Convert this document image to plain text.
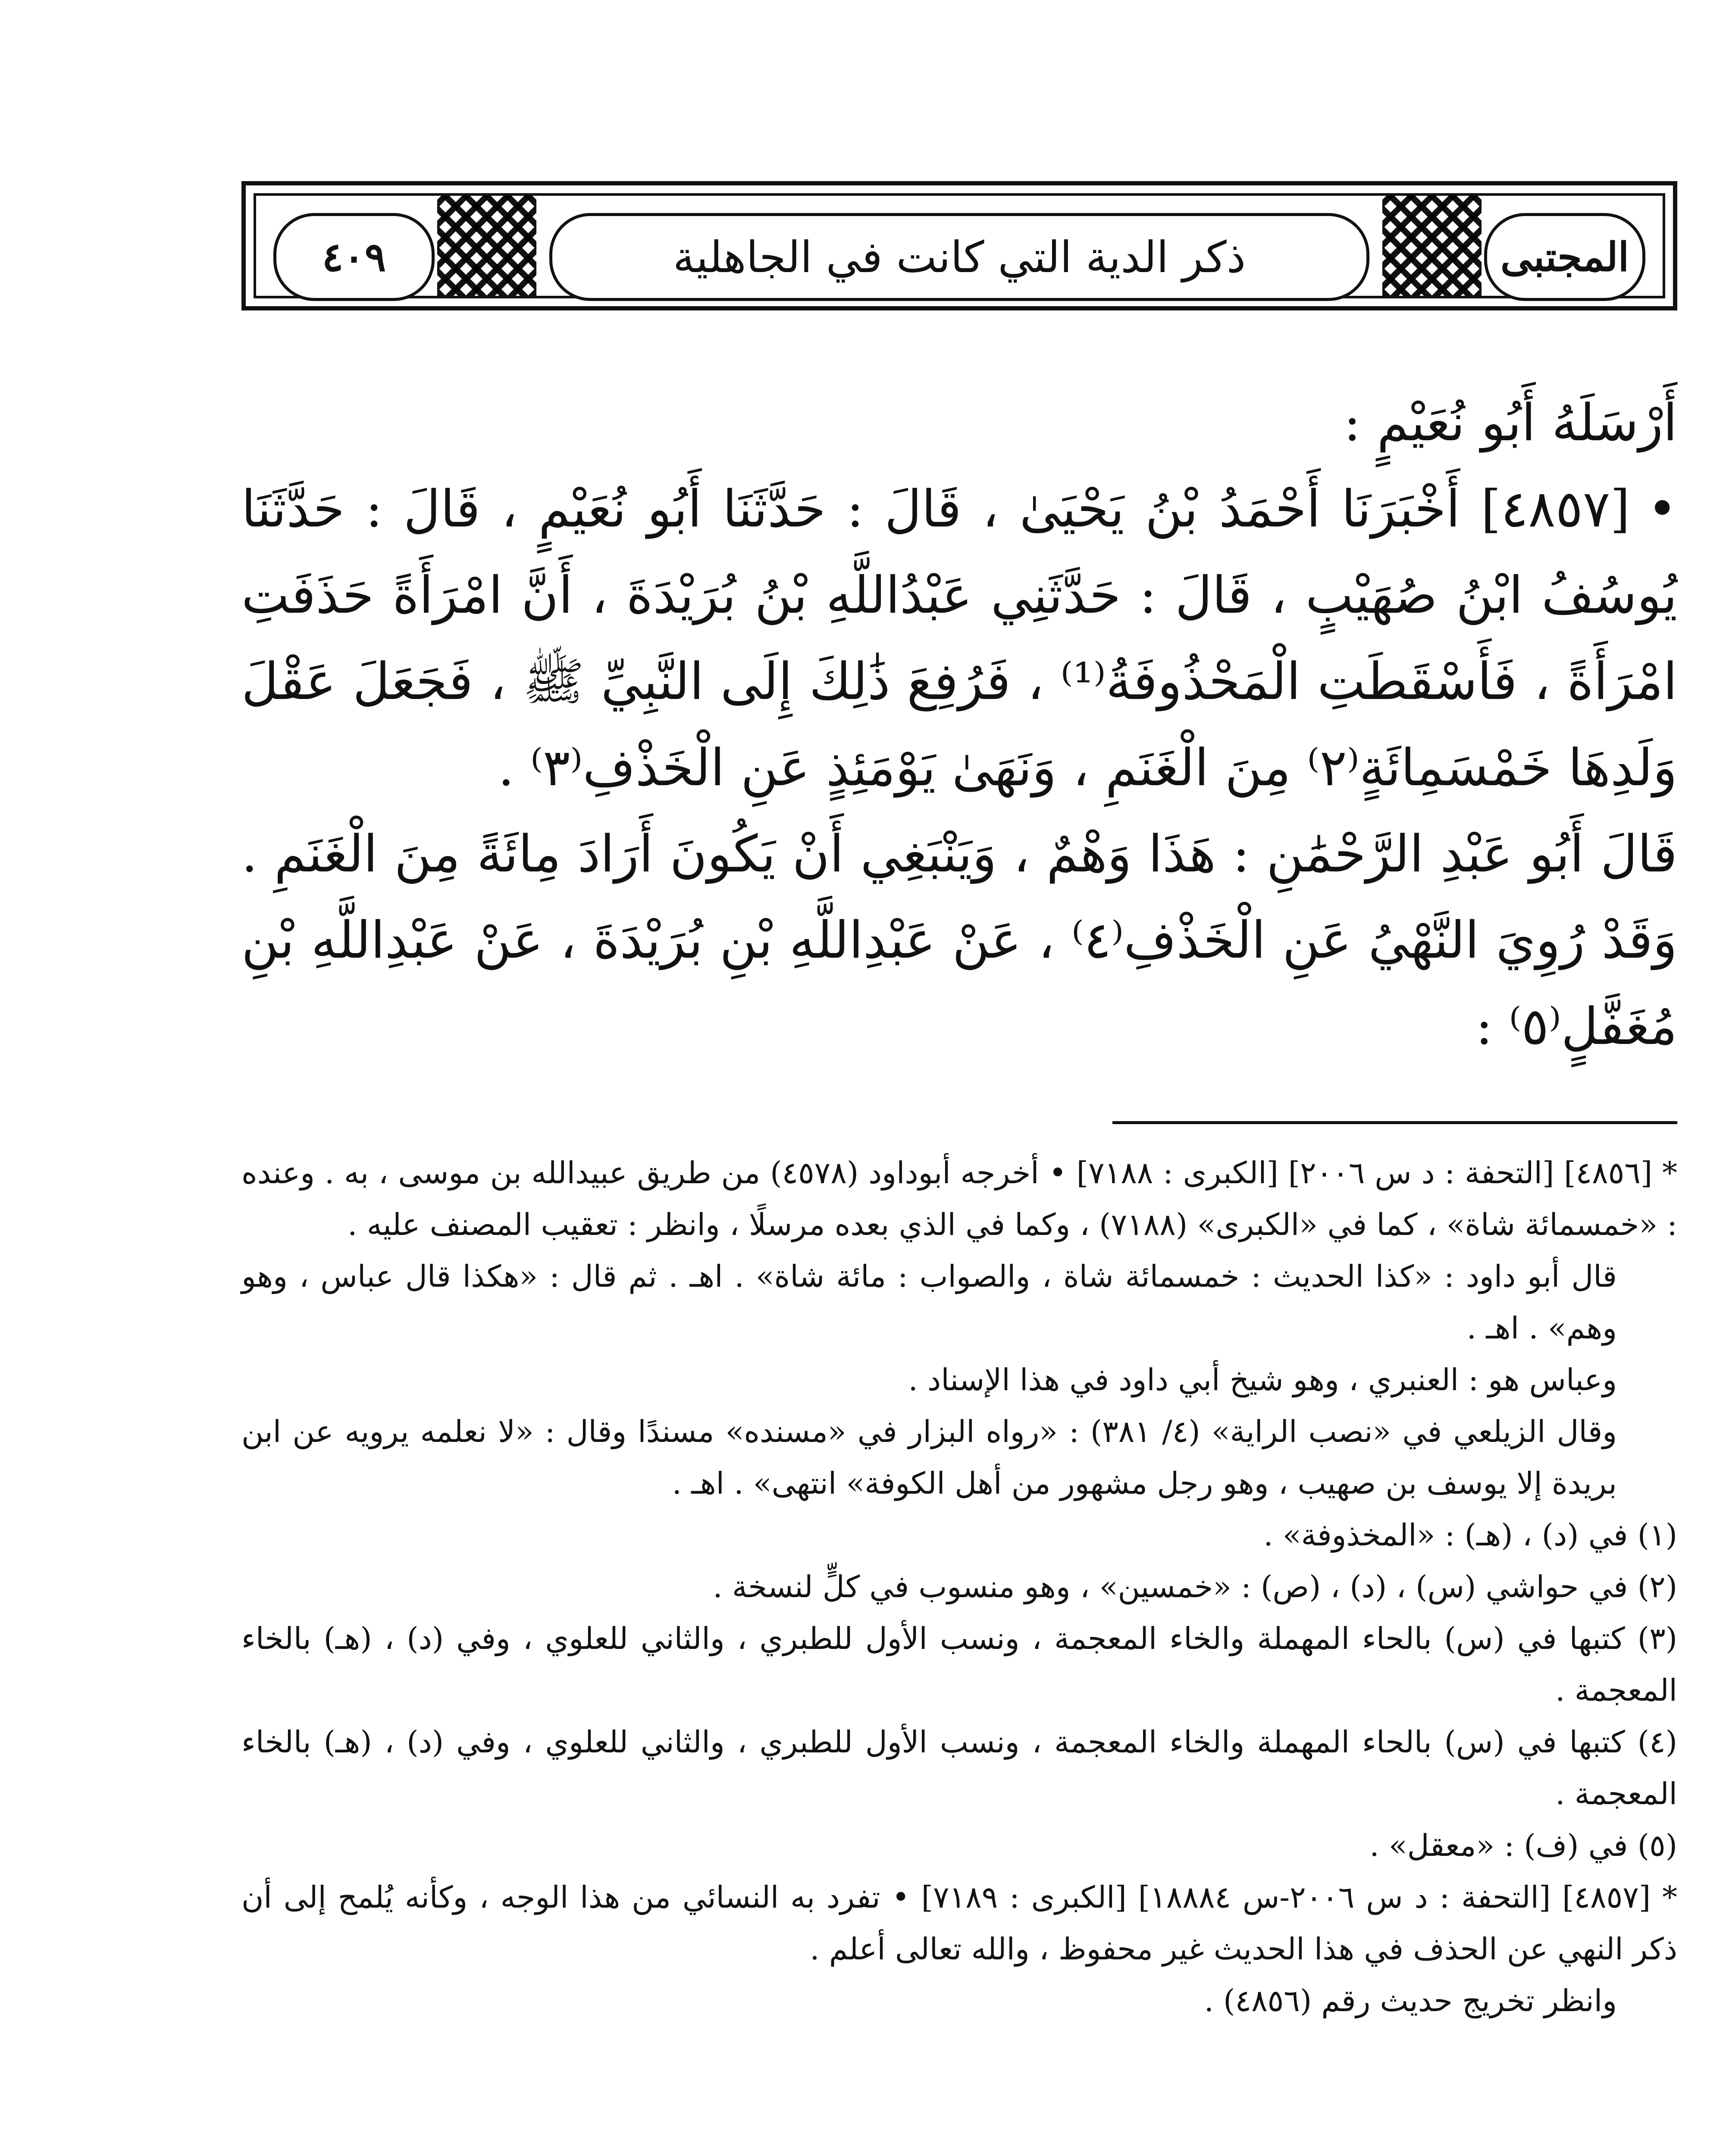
٤٠٩	ذكر الدية التي كانت في الجاهلية	المجتبى

أَرْسَلَهُ أَبُو نُعَيْمٍ :

•[٤٨٥٧] أَخْبَرَنَا أَحْمَدُ بْنُ يَحْيَىٰ ، قَالَ : حَدَّثَنَا أَبُو نُعَيْمٍ ، قَالَ : حَدَّثَنَا يُوسُفُ ابْنُ صُهَيْبٍ ، قَالَ : حَدَّثَنِي عَبْدُاللَّهِ بْنُ بُرَيْدَةَ ، أَنَّ امْرَأَةً حَذَفَتِ امْرَأَةً ، فَأَسْقَطَتِ الْمَحْذُوفَةُ⁽¹⁾ ، فَرُفِعَ ذَٰلِكَ إِلَى النَّبِيِّ ﷺ ، فَجَعَلَ عَقْلَ وَلَدِهَا خَمْسَمِائَةٍ⁽٢⁾ مِنَ الْغَنَمِ ، وَنَهَىٰ يَوْمَئِذٍ عَنِ الْخَذْفِ⁽٣⁾ .

قَالَ أَبُو عَبْدِ الرَّحْمَٰنِ : هَذَا وَهْمٌ ، وَيَنْبَغِي أَنْ يَكُونَ أَرَادَ مِائَةً مِنَ الْغَنَمِ . وَقَدْ رُوِيَ النَّهْيُ عَنِ الْخَذْفِ⁽٤⁾ ، عَنْ عَبْدِاللَّهِ بْنِ بُرَيْدَةَ ، عَنْ عَبْدِاللَّهِ بْنِ مُغَفَّلٍ⁽٥⁾ :

* [٤٨٥٦] [التحفة : د س ٢٠٠٦] [الكبرى : ٧١٨٨] • أخرجه أبوداود (٤٥٧٨) من طريق عبيدالله بن موسى ، به . وعنده : «خمسمائة شاة» ، كما في «الكبرى» (٧١٨٨) ، وكما في الذي بعده مرسلًا ، وانظر : تعقيب المصنف عليه .

قال أبو داود : «كذا الحديث : خمسمائة شاة ، والصواب : مائة شاة» . اهـ . ثم قال : «هكذا قال عباس ، وهو وهم» . اهـ .

وعباس هو : العنبري ، وهو شيخ أبي داود في هذا الإسناد .

وقال الزيلعي في «نصب الراية» (٤/ ٣٨١) : «رواه البزار في «مسنده» مسندًا وقال : «لا نعلمه يرويه عن ابن بريدة إلا يوسف بن صهيب ، وهو رجل مشهور من أهل الكوفة» انتهى» . اهـ .

(١) في (د) ، (هـ) : «المخذوفة» .

(٢) في حواشي (س) ، (د) ، (ص) : «خمسين» ، وهو منسوب في كلٍّ لنسخة .

(٣) كتبها في (س) بالحاء المهملة والخاء المعجمة ، ونسب الأول للطبري ، والثاني للعلوي ، وفي (د) ، (هـ) بالخاء المعجمة .

(٤) كتبها في (س) بالحاء المهملة والخاء المعجمة ، ونسب الأول للطبري ، والثاني للعلوي ، وفي (د) ، (هـ) بالخاء المعجمة .

(٥) في (ف) : «معقل» .

* [٤٨٥٧] [التحفة : د س ٢٠٠٦-س ١٨٨٨٤] [الكبرى : ٧١٨٩] • تفرد به النسائي من هذا الوجه ، وكأنه يُلمح إلى أن ذكر النهي عن الحذف في هذا الحديث غير محفوظ ، والله تعالى أعلم .

وانظر تخريج حديث رقم (٤٨٥٦) .
